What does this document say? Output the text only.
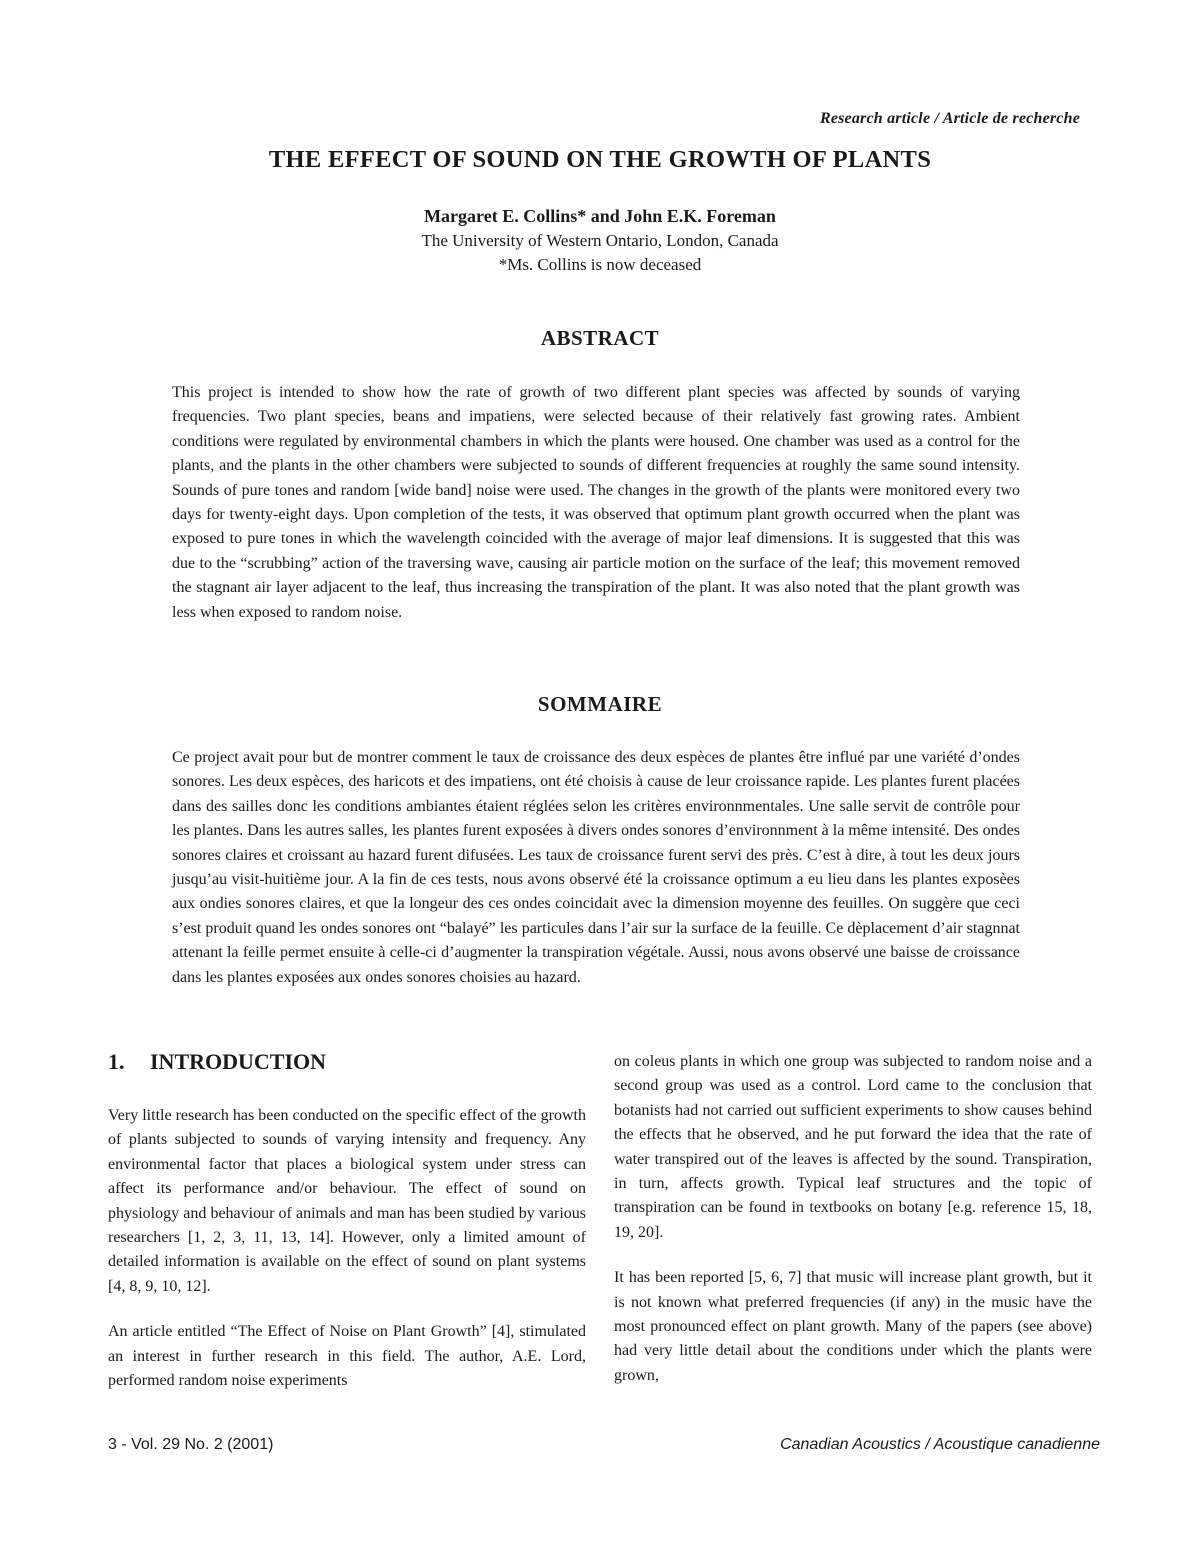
Research article / Article de recherche
THE EFFECT OF SOUND ON THE GROWTH OF PLANTS
Margaret E. Collins* and John E.K. Foreman
The University of Western Ontario, London, Canada
*Ms. Collins is now deceased
ABSTRACT

This project is intended to show how the rate of growth of two different plant species was affected by sounds of varying frequencies. Two plant species, beans and impatiens, were selected because of their relatively fast growing rates. Ambient conditions were regulated by environmental chambers in which the plants were housed. One chamber was used as a control for the plants, and the plants in the other chambers were subjected to sounds of different frequencies at roughly the same sound intensity. Sounds of pure tones and random [wide band] noise were used. The changes in the growth of the plants were monitored every two days for twenty-eight days. Upon completion of the tests, it was observed that optimum plant growth occurred when the plant was exposed to pure tones in which the wavelength coincided with the average of major leaf dimensions. It is suggested that this was due to the “scrubbing” action of the traversing wave, causing air particle motion on the surface of the leaf; this movement removed the stagnant air layer adjacent to the leaf, thus increasing the transpiration of the plant. It was also noted that the plant growth was less when exposed to random noise.

SOMMAIRE

Ce project avait pour but de montrer comment le taux de croissance des deux espèces de plantes être influé par une variété d’ondes sonores. Les deux espèces, des haricots et des impatiens, ont été choisis à cause de leur croissance rapide. Les plantes furent placées dans des sailles donc les conditions ambiantes étaient réglées selon les critères environnmentales. Une salle servit de contrôle pour les plantes. Dans les autres salles, les plantes furent exposées à divers ondes sonores d’environnment à la même intensité. Des ondes sonores claires et croissant au hazard furent difusées. Les taux de croissance furent servi des près. C’est à dire, à tout les deux jours jusqu’au visit-huitième jour. A la fin de ces tests, nous avons observé été la croissance optimum a eu lieu dans les plantes exposèes aux ondies sonores claires, et que la longeur des ces ondes coincidait avec la dimension moyenne des feuilles. On suggère que ceci s’est produit quand les ondes sonores ont “balayé” les particules dans l’air sur la surface de la feuille. Ce dèplacement d’air stagnnat attenant la feille permet ensuite à celle-ci d’augmenter la transpiration végétale. Aussi, nous avons observé une baisse de croissance dans les plantes exposées aux ondes sonores choisies au hazard.

1. INTRODUCTION

Very little research has been conducted on the specific effect of the growth of plants subjected to sounds of varying intensity and frequency. Any environmental factor that places a biological system under stress can affect its performance and/or behaviour. The effect of sound on physiology and behaviour of animals and man has been studied by various researchers [1, 2, 3, 11, 13, 14]. However, only a limited amount of detailed information is available on the effect of sound on plant systems [4, 8, 9, 10, 12].

An article entitled “The Effect of Noise on Plant Growth” [4], stimulated an interest in further research in this field. The author, A.E. Lord, performed random noise experiments

on coleus plants in which one group was subjected to random noise and a second group was used as a control. Lord came to the conclusion that botanists had not carried out sufficient experiments to show causes behind the effects that he observed, and he put forward the idea that the rate of water transpired out of the leaves is affected by the sound. Transpiration, in turn, affects growth. Typical leaf structures and the topic of transpiration can be found in textbooks on botany [e.g. reference 15, 18, 19, 20].

It has been reported [5, 6, 7] that music will increase plant growth, but it is not known what preferred frequencies (if any) in the music have the most pronounced effect on plant growth. Many of the papers (see above) had very little detail about the conditions under which the plants were grown,

3 - Vol. 29 No. 2 (2001)	Canadian Acoustics / Acoustique canadienne
